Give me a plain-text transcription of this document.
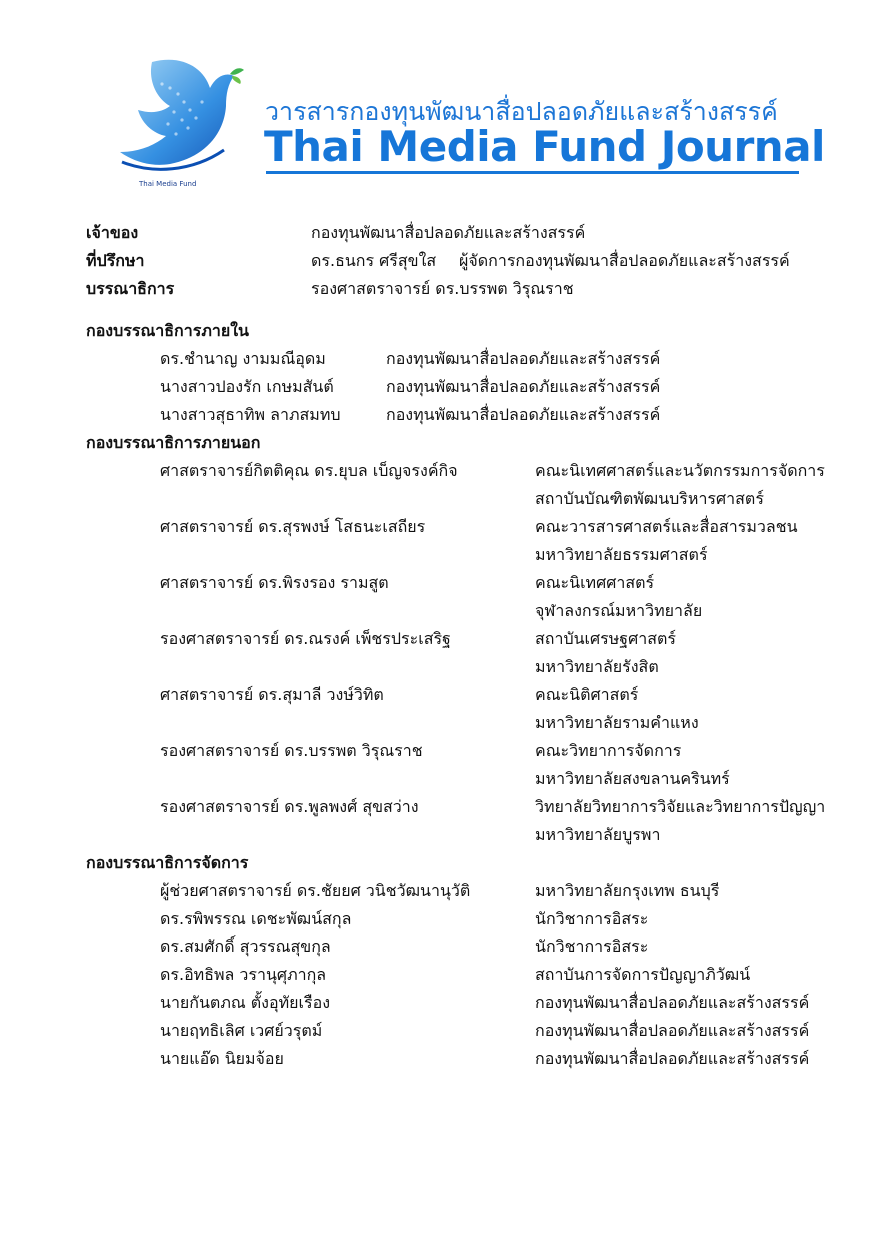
Thai Media Fund
วารสารกองทุนพัฒนาสื่อปลอดภัยและสร้างสรรค์
Thai Media Fund Journal
เจ้าของ	กองทุนพัฒนาสื่อปลอดภัยและสร้างสรรค์
ที่ปรึกษา	ดร.ธนกร ศรีสุขใส ผู้จัดการกองทุนพัฒนาสื่อปลอดภัยและสร้างสรรค์
บรรณาธิการ	รองศาสตราจารย์ ดร.บรรพต วิรุณราช
กองบรรณาธิการภายใน
ดร.ชำนาญ งามมณีอุดม	กองทุนพัฒนาสื่อปลอดภัยและสร้างสรรค์
นางสาวปองรัก เกษมสันต์	กองทุนพัฒนาสื่อปลอดภัยและสร้างสรรค์
นางสาวสุธาทิพ ลาภสมทบ	กองทุนพัฒนาสื่อปลอดภัยและสร้างสรรค์
กองบรรณาธิการภายนอก
ศาสตราจารย์กิตติคุณ ดร.ยุบล เบ็ญจรงค์กิจ	คณะนิเทศศาสตร์และนวัตกรรมการจัดการ
สถาบันบัณฑิตพัฒนบริหารศาสตร์
ศาสตราจารย์ ดร.สุรพงษ์ โสธนะเสถียร	คณะวารสารศาสตร์และสื่อสารมวลชน
มหาวิทยาลัยธรรมศาสตร์
ศาสตราจารย์ ดร.พิรงรอง รามสูต	คณะนิเทศศาสตร์
จุฬาลงกรณ์มหาวิทยาลัย
รองศาสตราจารย์ ดร.ณรงค์ เพ็ชรประเสริฐ	สถาบันเศรษฐศาสตร์
มหาวิทยาลัยรังสิต
ศาสตราจารย์ ดร.สุมาลี วงษ์วิทิต	คณะนิติศาสตร์
มหาวิทยาลัยรามคำแหง
รองศาสตราจารย์ ดร.บรรพต วิรุณราช	คณะวิทยาการจัดการ
มหาวิทยาลัยสงขลานครินทร์
รองศาสตราจารย์ ดร.พูลพงศ์ สุขสว่าง	วิทยาลัยวิทยาการวิจัยและวิทยาการปัญญา
มหาวิทยาลัยบูรพา
กองบรรณาธิการจัดการ
ผู้ช่วยศาสตราจารย์ ดร.ชัยยศ วนิชวัฒนานุวัติ	มหาวิทยาลัยกรุงเทพ ธนบุรี
ดร.รพิพรรณ เดชะพัฒน์สกุล	นักวิชาการอิสระ
ดร.สมศักดิ์ สุวรรณสุขกุล	นักวิชาการอิสระ
ดร.อิทธิพล วรานุศุภากุล	สถาบันการจัดการปัญญาภิวัฒน์
นายกันตภณ ตั้งอุทัยเรือง	กองทุนพัฒนาสื่อปลอดภัยและสร้างสรรค์
นายฤทธิเลิศ เวศย์วรุตม์	กองทุนพัฒนาสื่อปลอดภัยและสร้างสรรค์
นายแอ๊ด นิยมจ้อย	กองทุนพัฒนาสื่อปลอดภัยและสร้างสรรค์
